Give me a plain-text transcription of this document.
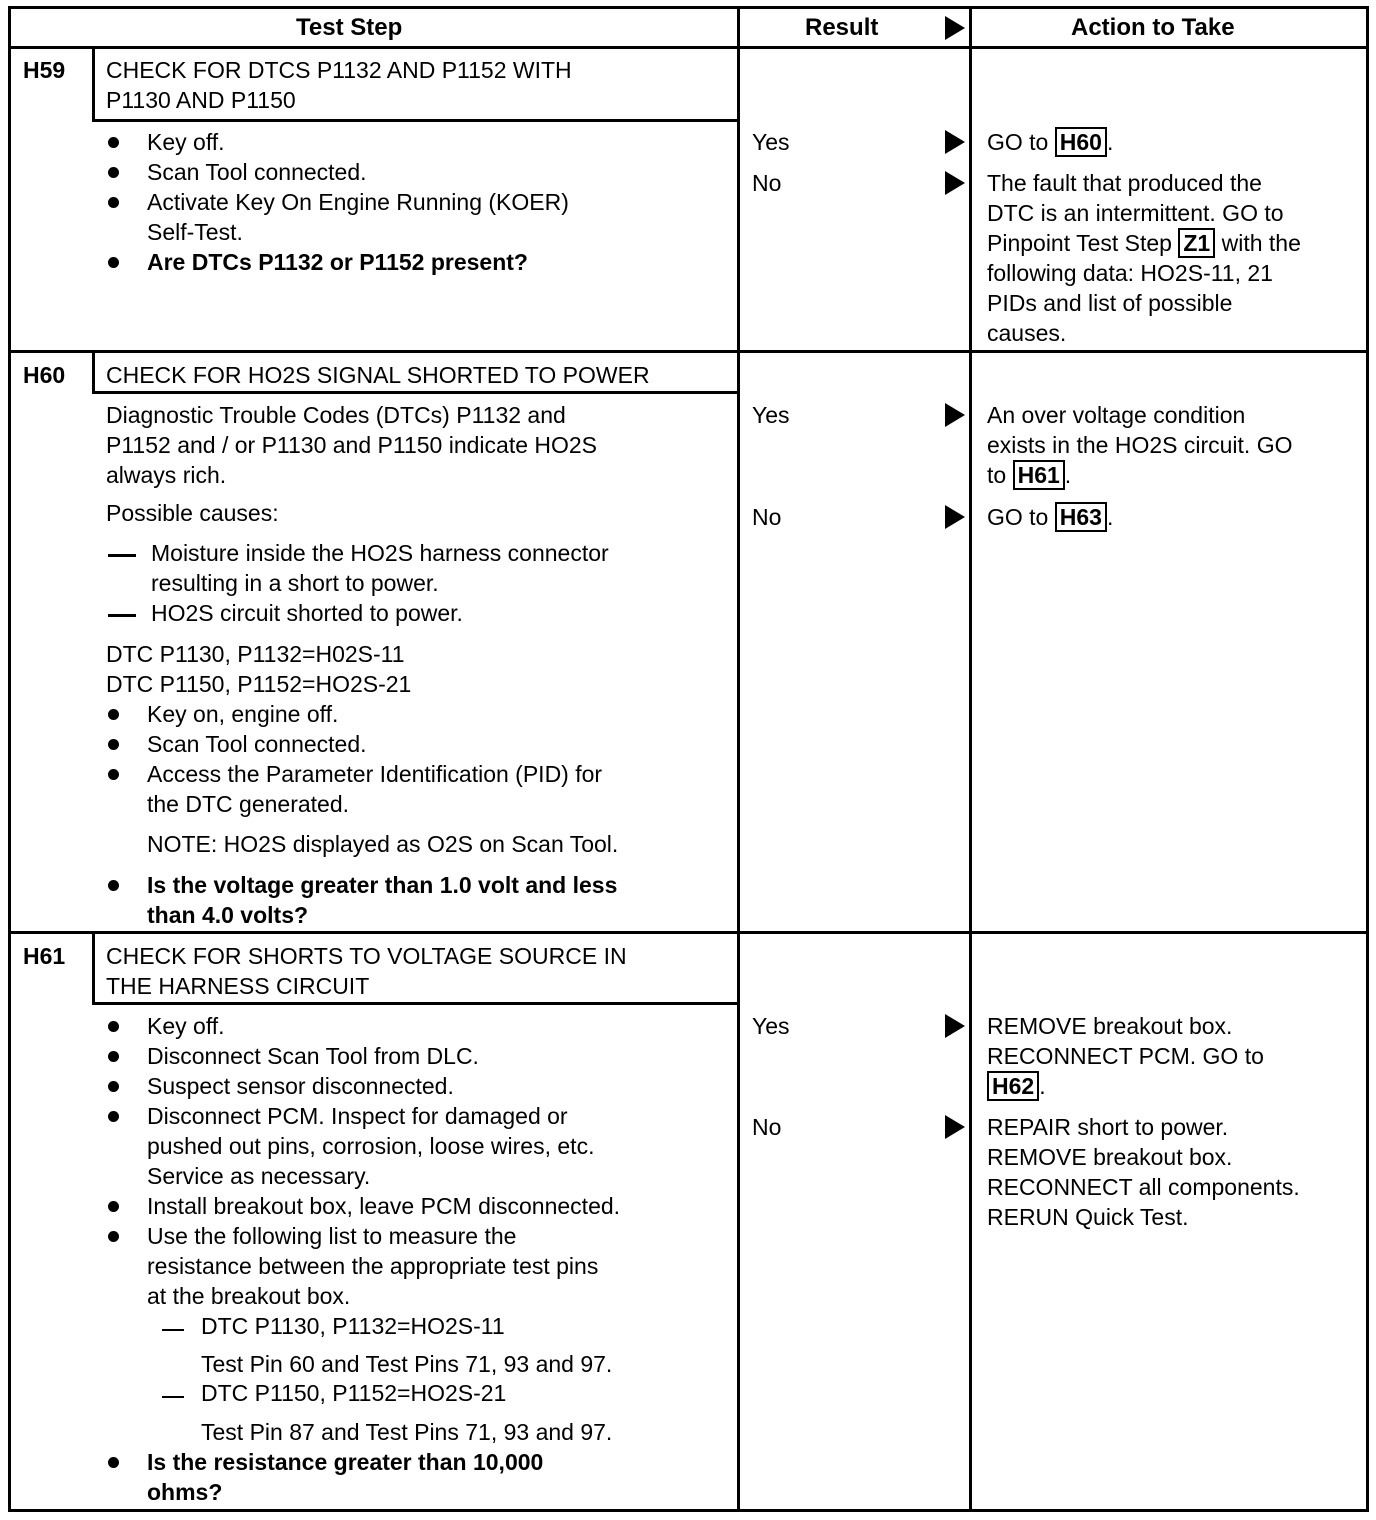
Test Step	Result	Action to Take
H59 CHECK FOR DTCS P1132 AND P1152 WITH
P1130 AND P1150
Key off.
Scan Tool connected.
Activate Key On Engine Running (KOER)
Self-Test.
Are DTCs P1132 or P1152 present?
Yes	GO to H60 .
No	The fault that produced the
DTC is an intermittent. GO to
Pinpoint Test Step Z1 with the
following data: HO2S-11, 21
PIDs and list of possible
causes.
H60 CHECK FOR HO2S SIGNAL SHORTED TO POWER
Diagnostic Trouble Codes (DTCs) P1132 and
P1152 and / or P1130 and P1150 indicate HO2S
always rich.
Possible causes:
Moisture inside the HO2S harness connector
resulting in a short to power.
HO2S circuit shorted to power.
DTC P1130, P1132=H02S-11
DTC P1150, P1152=HO2S-21
Key on, engine off.
Scan Tool connected.
Access the Parameter Identification (PID) for
the DTC generated.
NOTE: HO2S displayed as O2S on Scan Tool.
Is the voltage greater than 1.0 volt and less
than 4.0 volts?
Yes	An over voltage condition
exists in the HO2S circuit. GO
to H61 .
No	GO to H63 .
H61 CHECK FOR SHORTS TO VOLTAGE SOURCE IN
THE HARNESS CIRCUIT
Key off.
Disconnect Scan Tool from DLC.
Suspect sensor disconnected.
Disconnect PCM. Inspect for damaged or
pushed out pins, corrosion, loose wires, etc.
Service as necessary.
Install breakout box, leave PCM disconnected.
Use the following list to measure the
resistance between the appropriate test pins
at the breakout box.
DTC P1130, P1132=HO2S-11
Test Pin 60 and Test Pins 71, 93 and 97.
DTC P1150, P1152=HO2S-21
Test Pin 87 and Test Pins 71, 93 and 97.
Is the resistance greater than 10,000
ohms?
Yes	REMOVE breakout box.
RECONNECT PCM. GO to
H62 .
No	REPAIR short to power.
REMOVE breakout box.
RECONNECT all components.
RERUN Quick Test.
